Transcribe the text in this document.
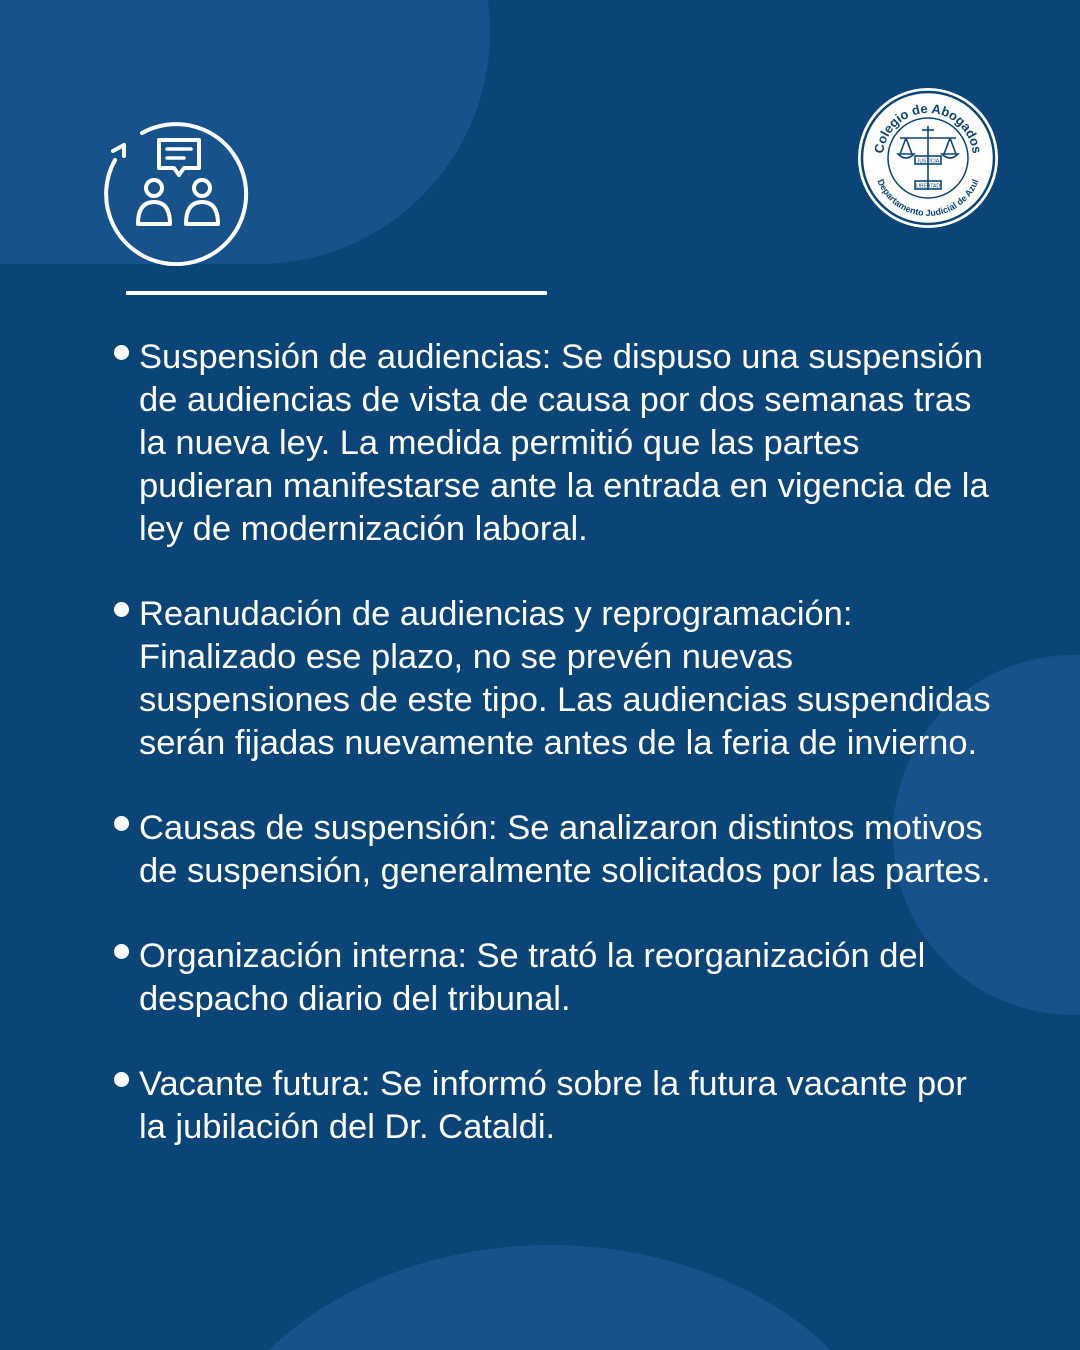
Colegio de Abogados
Departamento Judicial de Azul
JUSTICIA
LIBERTAD
Suspensión de audiencias: Se dispuso una suspensión de audiencias de vista de causa por dos semanas tras la nueva ley. La medida permitió que las partes pudieran manifestarse ante la entrada en vigencia de la ley de modernización laboral.
Reanudación de audiencias y reprogramación: Finalizado ese plazo, no se prevén nuevas suspensiones de este tipo. Las audiencias suspendidas serán fijadas nuevamente antes de la feria de invierno.
Causas de suspensión: Se analizaron distintos motivos de suspensión, generalmente solicitados por las partes.
Organización interna: Se trató la reorganización del despacho diario del tribunal.
Vacante futura: Se informó sobre la futura vacante por la jubilación del Dr. Cataldi.
